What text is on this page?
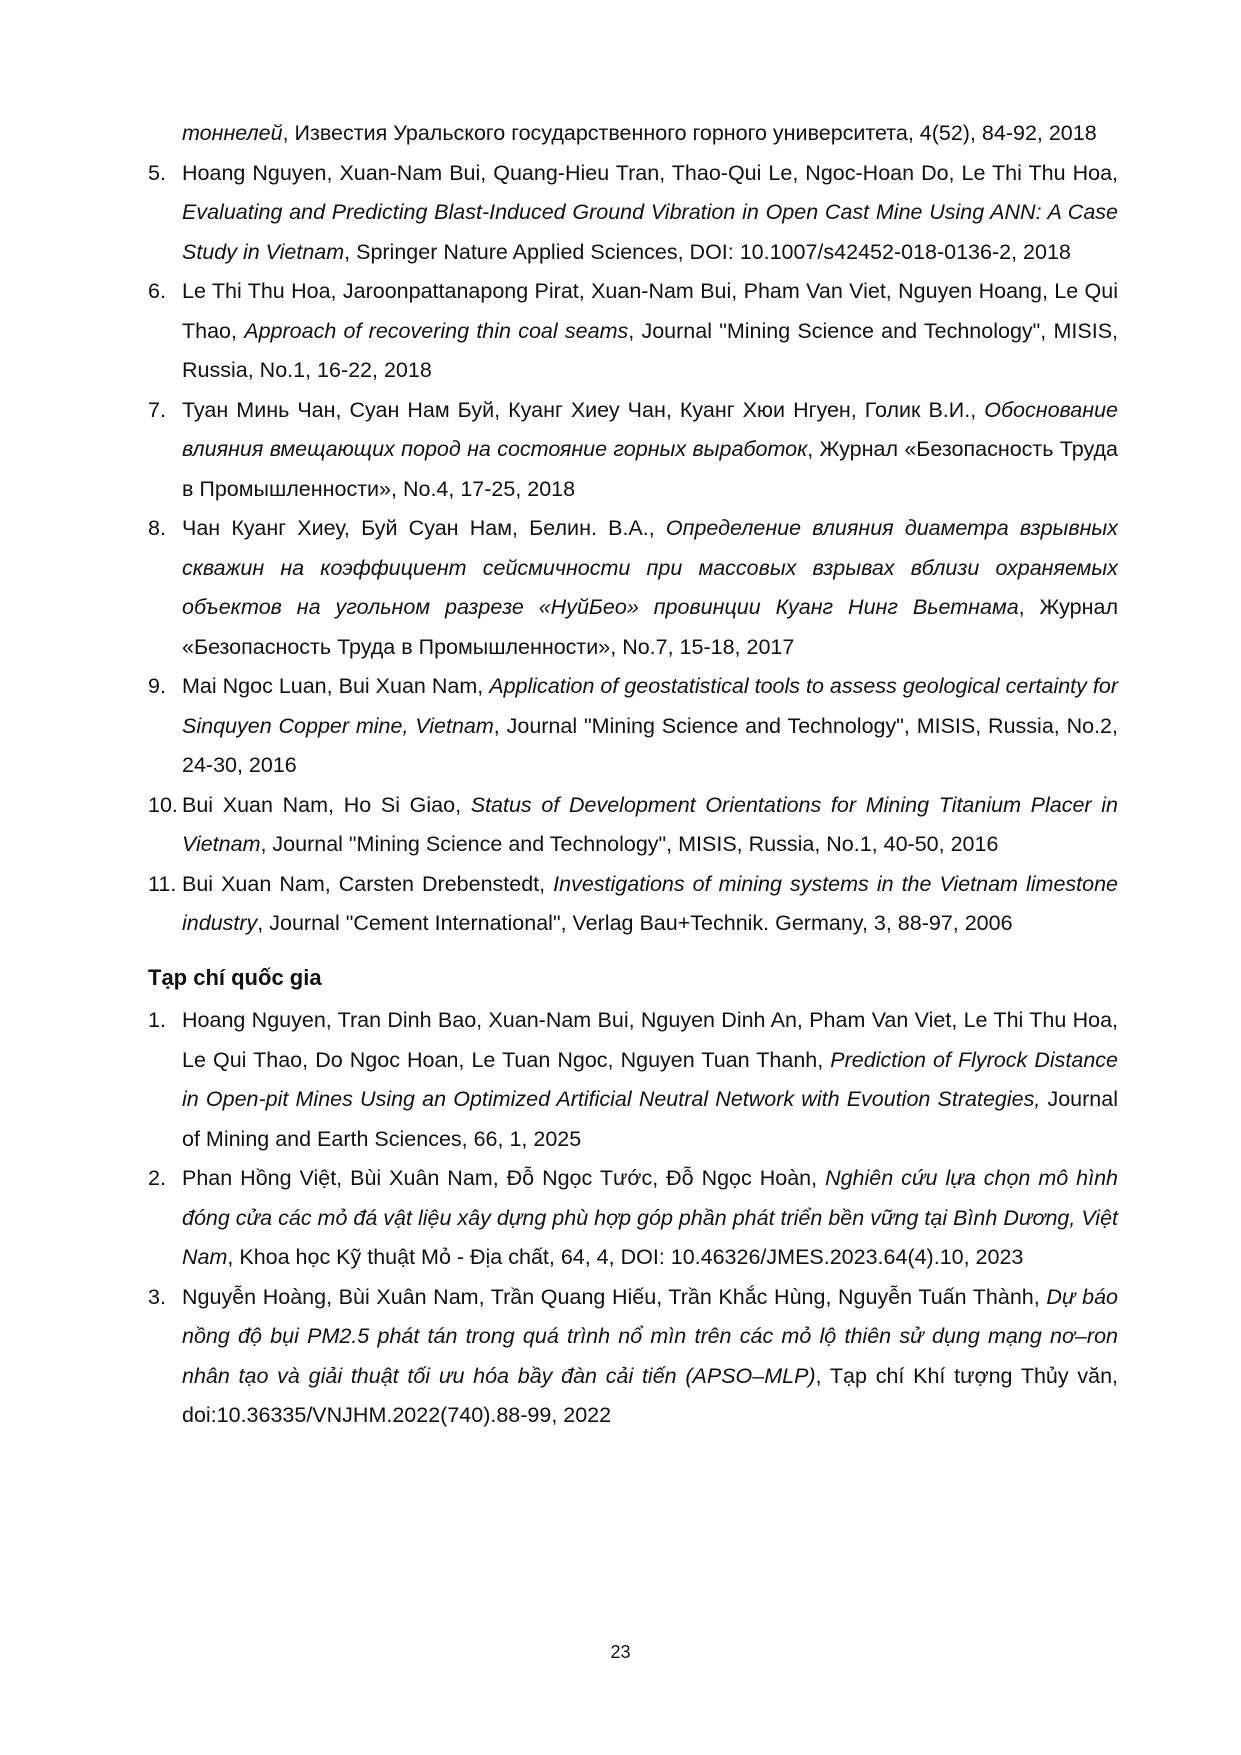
тоннелей, Известия Уральского государственного горного университета, 4(52), 84-92, 2018
5. Hoang Nguyen, Xuan-Nam Bui, Quang-Hieu Tran, Thao-Qui Le, Ngoc-Hoan Do, Le Thi Thu Hoa, Evaluating and Predicting Blast-Induced Ground Vibration in Open Cast Mine Using ANN: A Case Study in Vietnam, Springer Nature Applied Sciences, DOI: 10.1007/s42452-018-0136-2, 2018
6. Le Thi Thu Hoa, Jaroonpattanapong Pirat, Xuan-Nam Bui, Pham Van Viet, Nguyen Hoang, Le Qui Thao, Approach of recovering thin coal seams, Journal "Mining Science and Technology", MISIS, Russia, No.1, 16-22, 2018
7. Туан Минь Чан, Суан Нам Буй, Куанг Хиеу Чан, Куанг Хюи Нгуен, Голик В.И., Обоснование влияния вмещающих пород на состояние горных выработок, Журнал «Безопасность Труда в Промышленности», No.4, 17-25, 2018
8. Чан Куанг Хиеу, Буй Суан Нам, Белин. В.А., Определение влияния диаметра взрывных скважин на коэффициент сейсмичности при массовых взрывах вблизи охраняемых объектов на угольном разрезе «НуйБео» провинции Куанг Нинг Вьетнама, Журнал «Безопасность Труда в Промышленности», No.7, 15-18, 2017
9. Mai Ngoc Luan, Bui Xuan Nam, Application of geostatistical tools to assess geological certainty for Sinquyen Copper mine, Vietnam, Journal "Mining Science and Technology", MISIS, Russia, No.2, 24-30, 2016
10. Bui Xuan Nam, Ho Si Giao, Status of Development Orientations for Mining Titanium Placer in Vietnam, Journal "Mining Science and Technology", MISIS, Russia, No.1, 40-50, 2016
11. Bui Xuan Nam, Carsten Drebenstedt, Investigations of mining systems in the Vietnam limestone industry, Journal "Cement International", Verlag Bau+Technik. Germany, 3, 88-97, 2006
Tạp chí quốc gia
1. Hoang Nguyen, Tran Dinh Bao, Xuan-Nam Bui, Nguyen Dinh An, Pham Van Viet, Le Thi Thu Hoa, Le Qui Thao, Do Ngoc Hoan, Le Tuan Ngoc, Nguyen Tuan Thanh, Prediction of Flyrock Distance in Open-pit Mines Using an Optimized Artificial Neutral Network with Evoution Strategies, Journal of Mining and Earth Sciences, 66, 1, 2025
2. Phan Hồng Việt, Bùi Xuân Nam, Đỗ Ngọc Tước, Đỗ Ngọc Hoàn, Nghiên cứu lựa chọn mô hình đóng cửa các mỏ đá vật liệu xây dựng phù hợp góp phần phát triển bền vững tại Bình Dương, Việt Nam, Khoa học Kỹ thuật Mỏ - Địa chất, 64, 4, DOI: 10.46326/JMES.2023.64(4).10, 2023
3. Nguyễn Hoàng, Bùi Xuân Nam, Trần Quang Hiếu, Trần Khắc Hùng, Nguyễn Tuấn Thành, Dự báo nồng độ bụi PM2.5 phát tán trong quá trình nổ mìn trên các mỏ lộ thiên sử dụng mạng nơ–ron nhân tạo và giải thuật tối ưu hóa bầy đàn cải tiến (APSO–MLP), Tạp chí Khí tượng Thủy văn, doi:10.36335/VNJHM.2022(740).88-99, 2022
23
